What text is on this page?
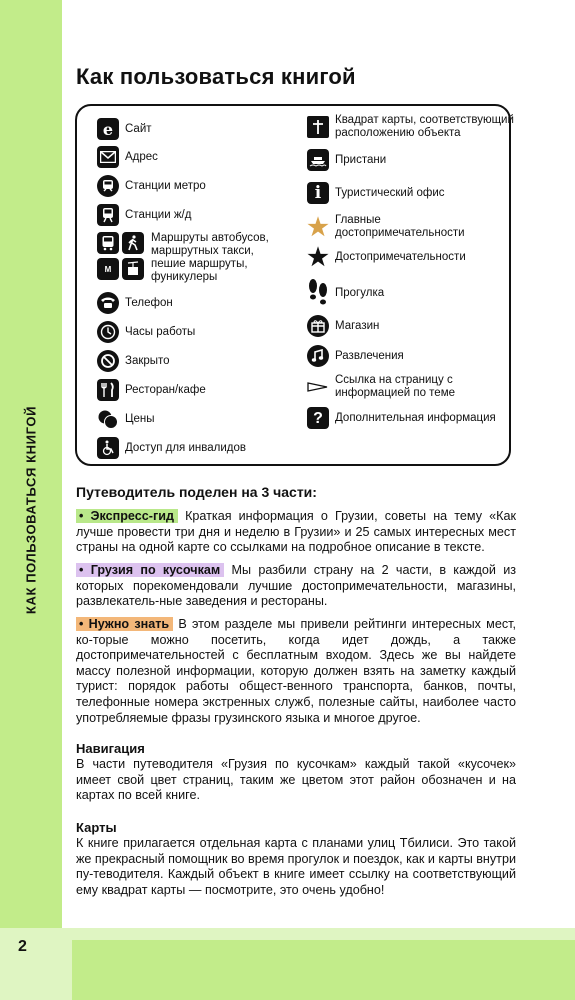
КАК ПОЛЬЗОВАТЬСЯ КНИГОЙ
2
Как пользоваться книгой
e	Сайт
Адрес
Станции метро
Станции ж/д
М
Маршруты автобусов, маршрутных такси, пешие маршруты, фуникулеры
Телефон
Часы работы
Закрыто
Ресторан/кафе
Цены
Доступ для инвалидов
Квадрат карты, соответствующий расположению объекта
Пристани
i	Туристический офис
★ Главные достопримечательности
★ Достопримечательности
Прогулка
Магазин
Развлечения
Ссылка на страницу с информацией по теме
?	Дополнительная информация
Путеводитель поделен на 3 части:
• Экспресс-гид Краткая информация о Грузии, советы на тему «Как лучше провести три дня и неделю в Грузии» и 25 самых интересных мест страны на одной карте со ссылками на подробное описание в тексте.
• Грузия по кусочкам Мы разбили страну на 2 части, в каждой из которых порекомендовали лучшие достопримечательности, магазины, развлекатель-ные заведения и рестораны.
• Нужно знать В этом разделе мы привели рейтинги интересных мест, ко-торые можно посетить, когда идет дождь, а также достопримечательностей с бесплатным входом. Здесь же вы найдете массу полезной информации, которую должен взять на заметку каждый турист: порядок работы общест-венного транспорта, банков, почты, телефонные номера экстренных служб, полезные сайты, наиболее часто употребляемые фразы грузинского языка и многое другое.
Навигация
В части путеводителя «Грузия по кусочкам» каждый такой «кусочек» имеет свой цвет страниц, таким же цветом этот район обозначен и на картах по всей книге.
Карты
К книге прилагается отдельная карта с планами улиц Тбилиси. Это такой же прекрасный помощник во время прогулок и поездок, как и карты внутри пу-теводителя. Каждый объект в книге имеет ссылку на соответствующий ему квадрат карты — посмотрите, это очень удобно!
